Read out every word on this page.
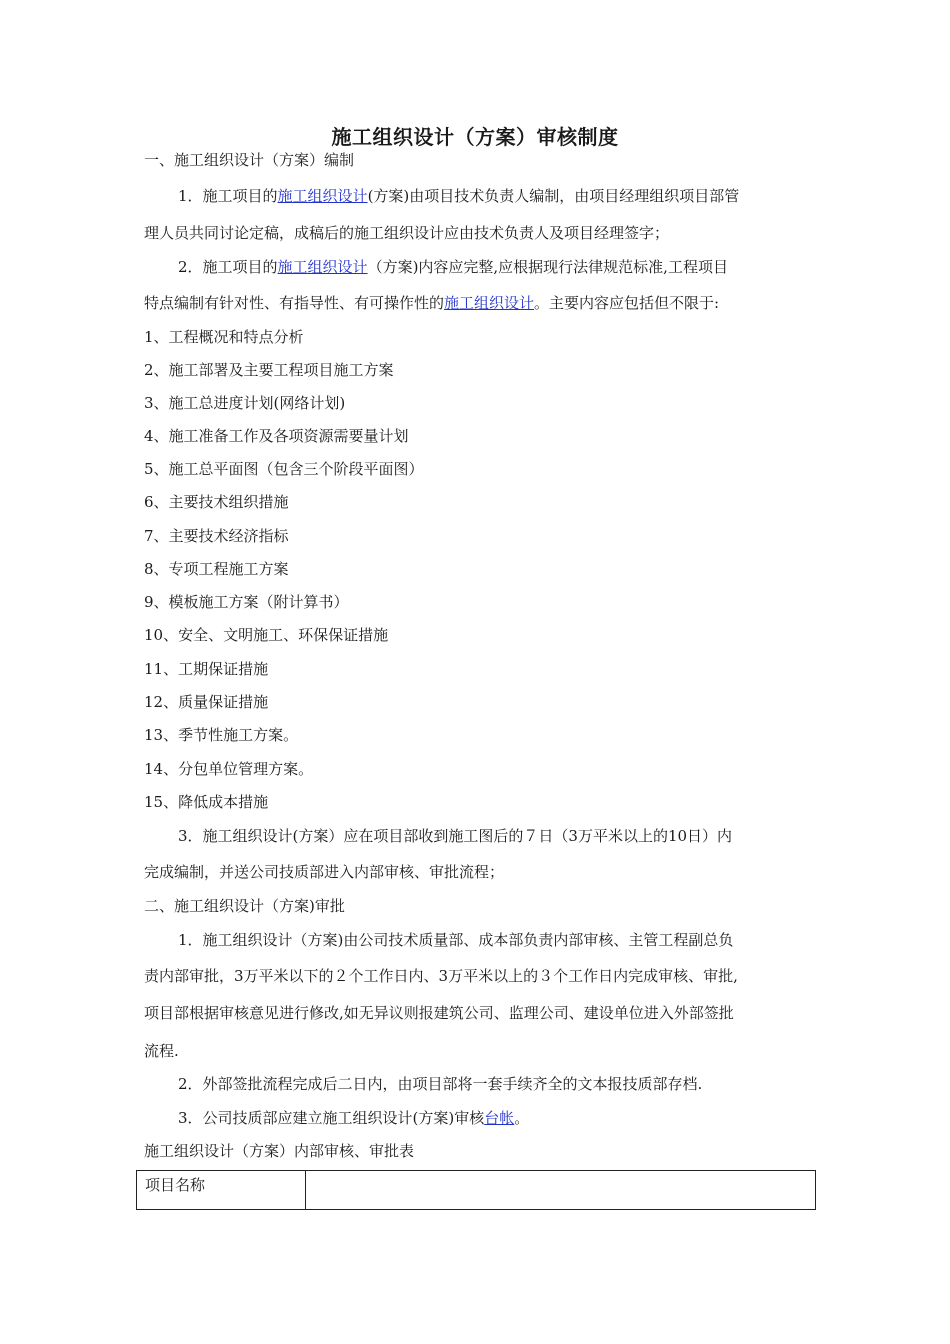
施工组织设计（方案）审核制度
一、施工组织设计（方案）编制
1．施工项目的施工组织设计(方案)由项目技术负责人编制，由项目经理组织项目部管
理人员共同讨论定稿，成稿后的施工组织设计应由技术负责人及项目经理签字；
2．施工项目的施工组织设计（方案)内容应完整,应根据现行法律规范标准,工程项目
特点编制有针对性、有指导性、有可操作性的施工组织设计。主要内容应包括但不限于:
1、工程概况和特点分析
2、施工部署及主要工程项目施工方案
3、施工总进度计划(网络计划)
4、施工准备工作及各项资源需要量计划
5、施工总平面图（包含三个阶段平面图）
6、主要技术组织措施
7、主要技术经济指标
8、专项工程施工方案
9、模板施工方案（附计算书）
10、安全、文明施工、环保保证措施
11、工期保证措施
12、质量保证措施
13、季节性施工方案。
14、分包单位管理方案。
15、降低成本措施
3．施工组织设计(方案）应在项目部收到施工图后的７日（3万平米以上的10日）内
完成编制，并送公司技质部进入内部审核、审批流程；
二、施工组织设计（方案)审批
1．施工组织设计（方案)由公司技术质量部、成本部负责内部审核、主管工程副总负
责内部审批，3万平米以下的２个工作日内、3万平米以上的３个工作日内完成审核、审批,
项目部根据审核意见进行修改,如无异议则报建筑公司、监理公司、建设单位进入外部签批
流程.
2．外部签批流程完成后二日内，由项目部将一套手续齐全的文本报技质部存档.
3．公司技质部应建立施工组织设计(方案)审核台帐。
施工组织设计（方案）内部审核、审批表
项目名称	
